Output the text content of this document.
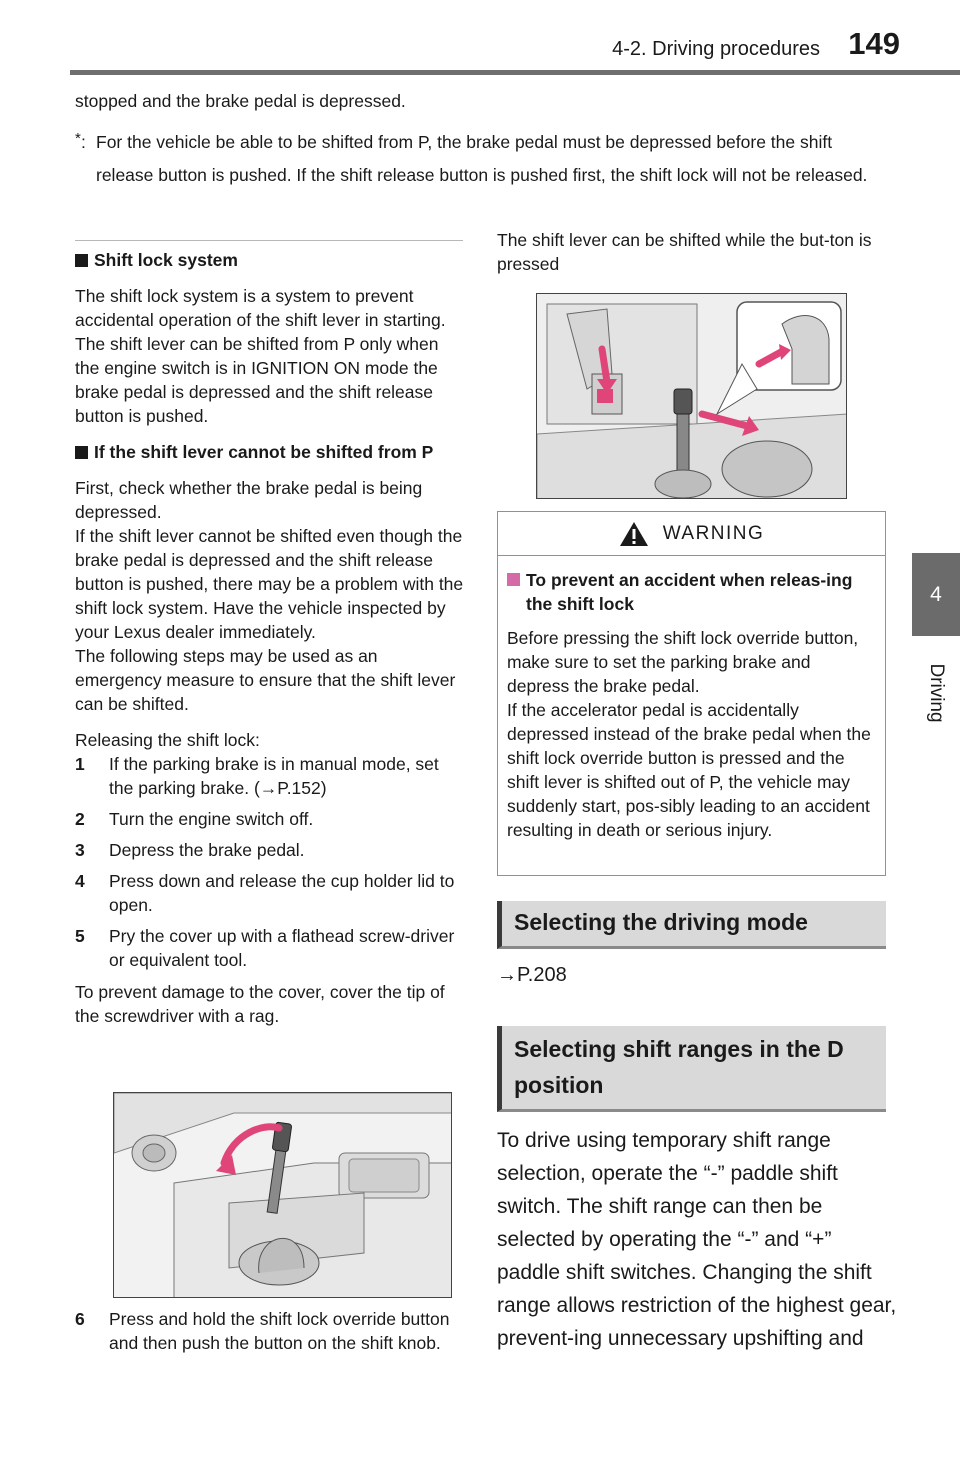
4-2. Driving procedures 149
4
Driving
stopped and the brake pedal is depressed.
* : For the vehicle be able to be shifted from P, the brake pedal must be depressed before the shift release button is pushed. If the shift release button is pushed first, the shift lock will not be released.
Shift lock system

The shift lock system is a system to prevent accidental operation of the shift lever in starting.

The shift lever can be shifted from P only when the engine switch is in IGNITION ON mode the brake pedal is depressed and the shift release button is pushed.

If the shift lever cannot be shifted from P

First, check whether the brake pedal is being depressed.

If the shift lever cannot be shifted even though the brake pedal is depressed and the shift release button is pushed, there may be a problem with the shift lock system. Have the vehicle inspected by your Lexus dealer immediately.

The following steps may be used as an emergency measure to ensure that the shift lever can be shifted.

Releasing the shift lock:

1	If the parking brake is in manual mode, set the parking brake. (→P.152)
2	Turn the engine switch off.
3	Depress the brake pedal.
4	Press down and release the cup holder lid to open.
5	Pry the cover up with a flathead screw-driver or equivalent tool.

To prevent damage to the cover, cover the tip of the screwdriver with a rag.

6	Press and hold the shift lock override button and then push the button on the shift knob.
The shift lever can be shifted while the but-ton is pressed
WARNING
To prevent an accident when releas-ing the shift lock

Before pressing the shift lock override button, make sure to set the parking brake and depress the brake pedal.

If the accelerator pedal is accidentally depressed instead of the brake pedal when the shift lock override button is pressed and the shift lever is shifted out of P, the vehicle may suddenly start, pos-sibly leading to an accident resulting in death or serious injury.

Selecting the driving mode
→P.208
Selecting shift ranges in the D position
To drive using temporary shift range selection, operate the “-” paddle shift switch. The shift range can then be selected by operating the “-” and “+” paddle shift switches. Changing the shift range allows restriction of the highest gear, prevent-ing unnecessary upshifting and
